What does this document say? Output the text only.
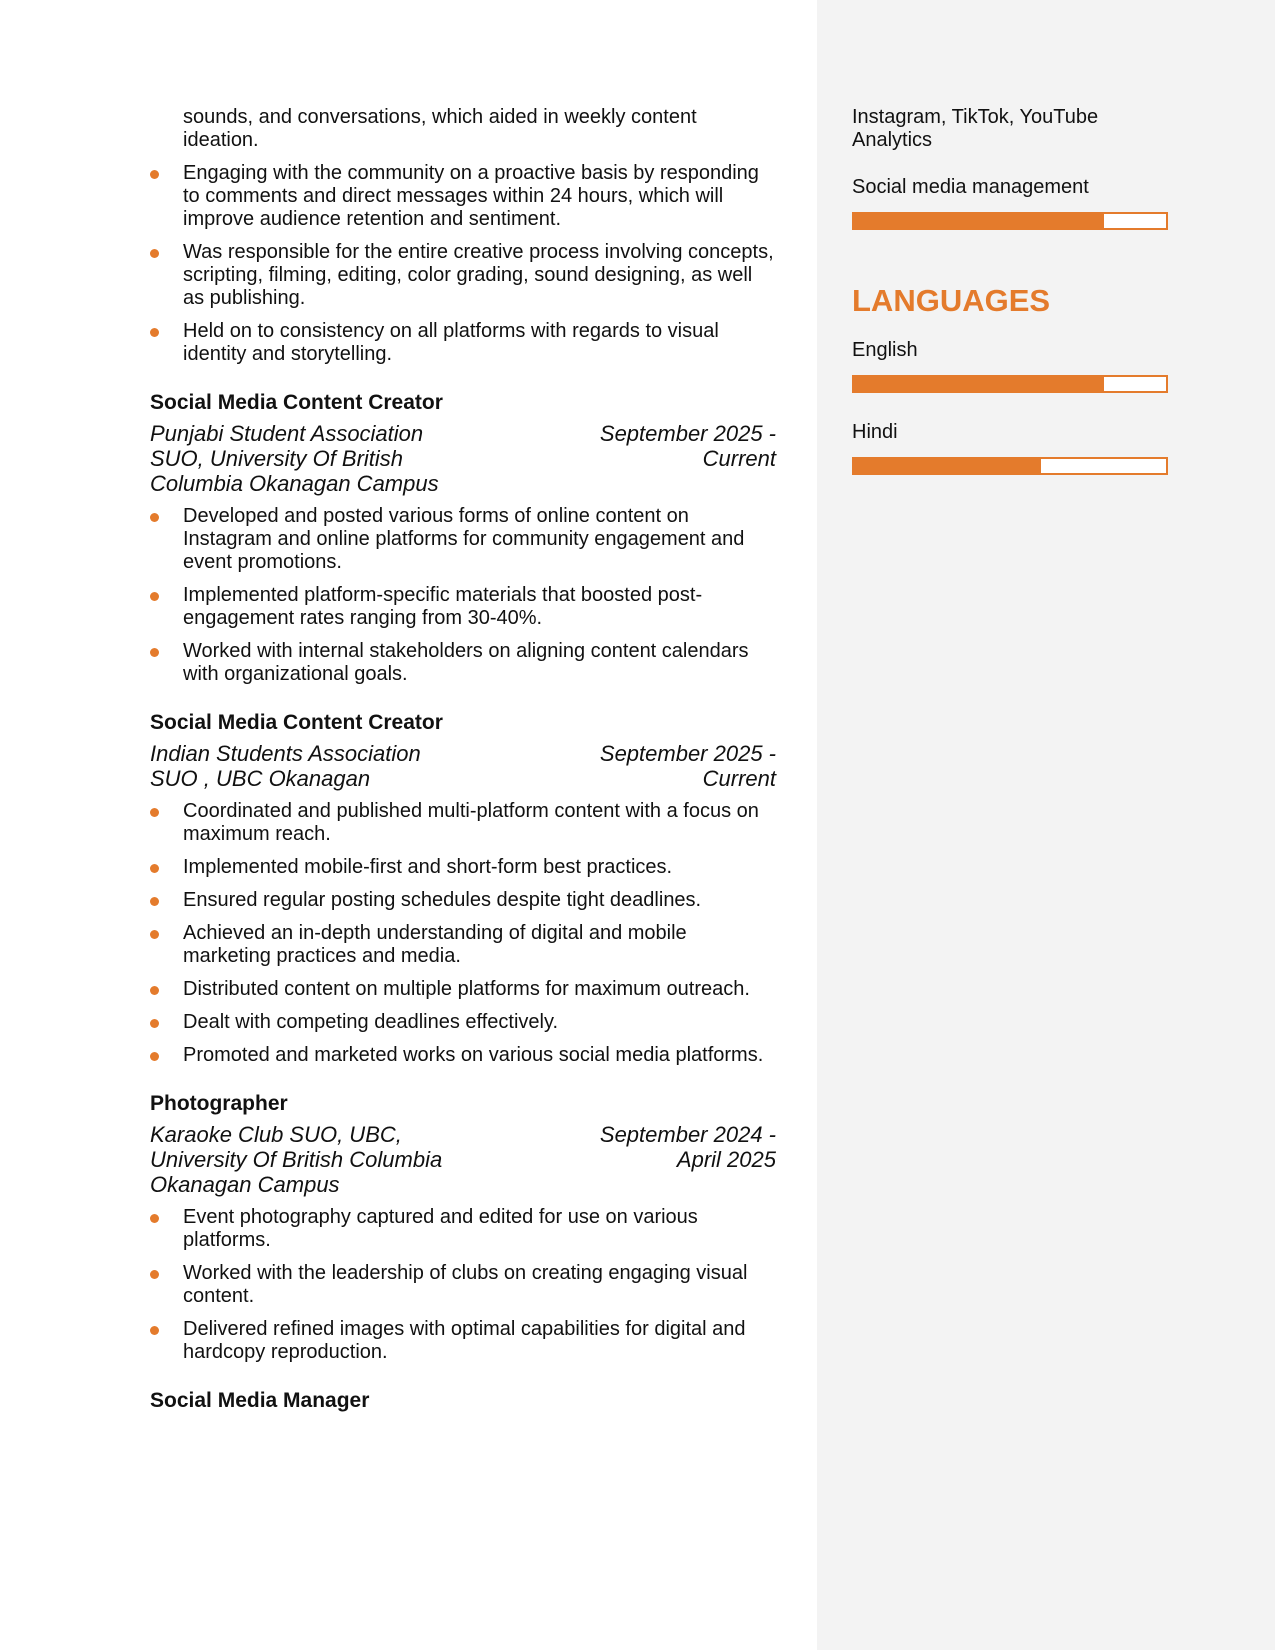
sounds, and conversations, which aided in weekly content ideation.
Engaging with the community on a proactive basis by responding to comments and direct messages within 24 hours, which will improve audience retention and sentiment.
Was responsible for the entire creative process involving concepts, scripting, filming, editing, color grading, sound designing, as well as publishing.
Held on to consistency on all platforms with regards to visual identity and storytelling.
Social Media Content Creator
Punjabi Student Association SUO, University Of British Columbia Okanagan Campus
September 2025 - Current
Developed and posted various forms of online content on Instagram and online platforms for community engagement and event promotions.
Implemented platform-specific materials that boosted post-engagement rates ranging from 30-40%.
Worked with internal stakeholders on aligning content calendars with organizational goals.
Social Media Content Creator
Indian Students Association SUO , UBC Okanagan
September 2025 - Current
Coordinated and published multi-platform content with a focus on maximum reach.
Implemented mobile-first and short-form best practices.
Ensured regular posting schedules despite tight deadlines.
Achieved an in-depth understanding of digital and mobile marketing practices and media.
Distributed content on multiple platforms for maximum outreach.
Dealt with competing deadlines effectively.
Promoted and marketed works on various social media platforms.
Photographer
Karaoke Club SUO, UBC, University Of British Columbia Okanagan Campus
September 2024 - April 2025
Event photography captured and edited for use on various platforms.
Worked with the leadership of clubs on creating engaging visual content.
Delivered refined images with optimal capabilities for digital and hardcopy reproduction.
Social Media Manager
Instagram, TikTok, YouTube Analytics
Social media management
LANGUAGES
English
Hindi
